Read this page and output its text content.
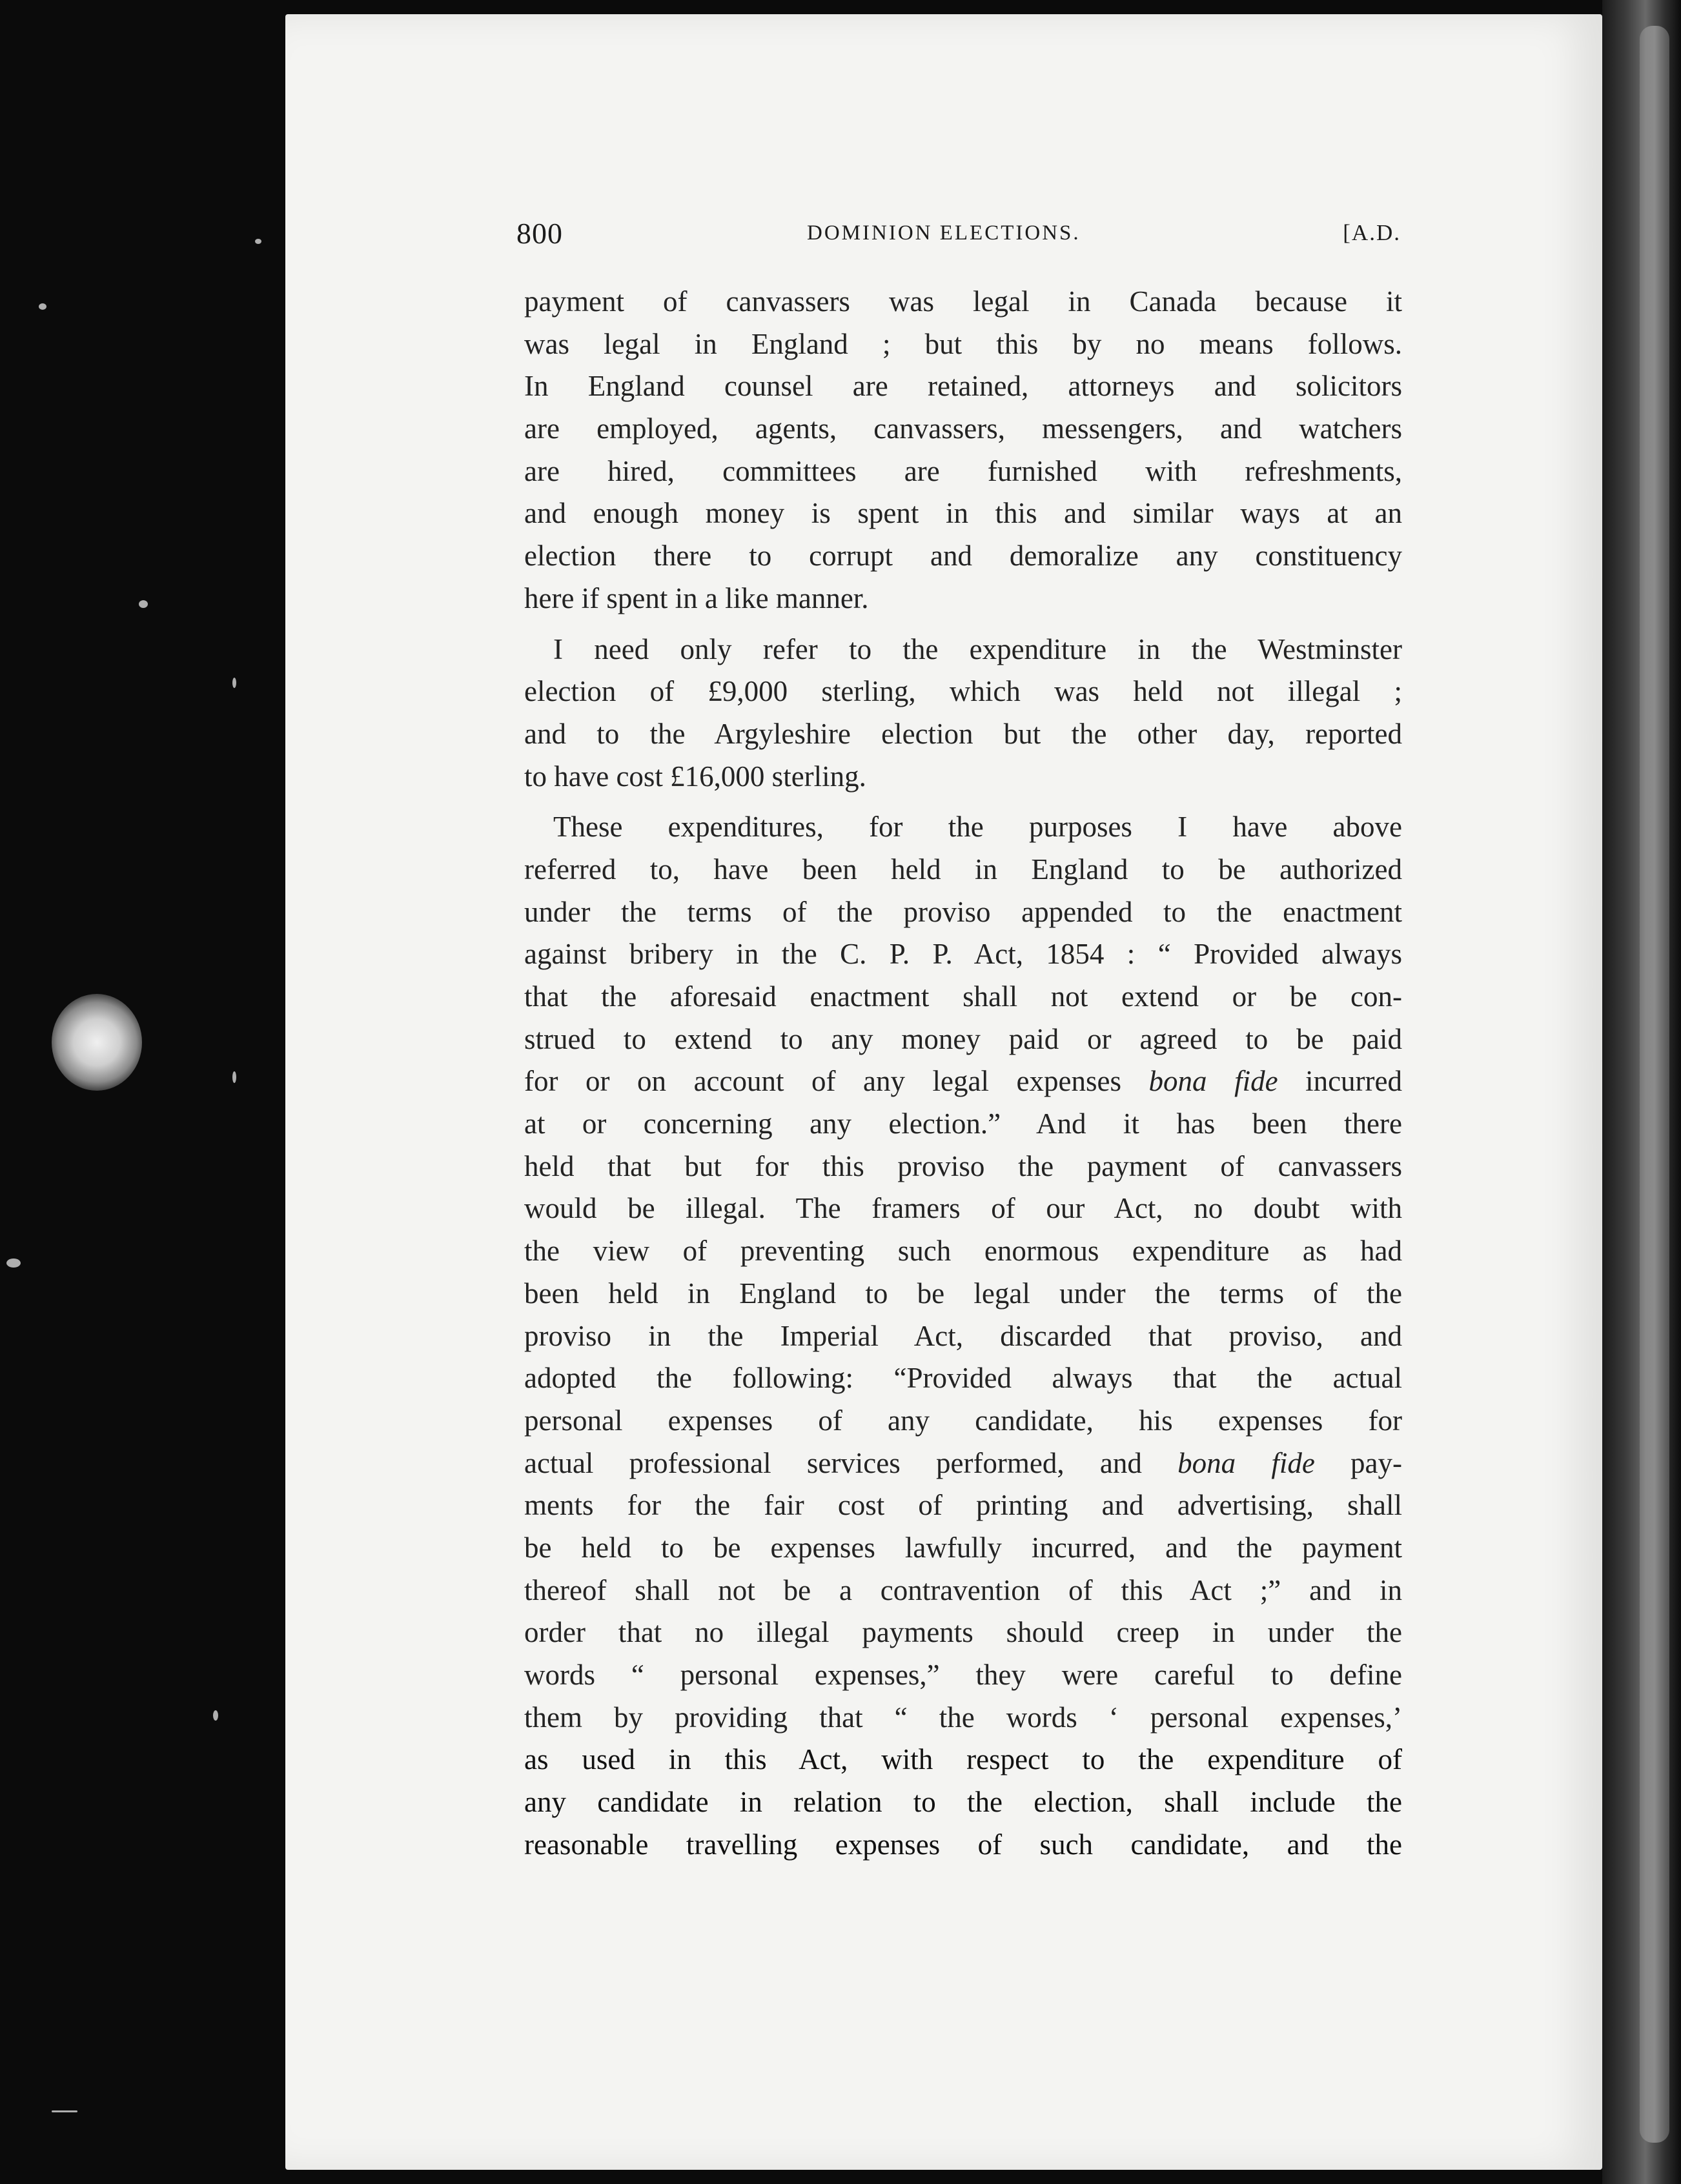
800	DOMINION ELECTIONS.	[A.D.

payment of canvassers was legal in Canada because it
was legal in England ; but this by no means follows.
In England counsel are retained, attorneys and solicitors
are employed, agents, canvassers, messengers, and watchers
are hired, committees are furnished with refreshments,
and enough money is spent in this and similar ways at an
election there to corrupt and demoralize any constituency
here if spent in a like manner.

I need only refer to the expenditure in the Westminster
election of £9,000 sterling, which was held not illegal ;
and to the Argyleshire election but the other day, reported
to have cost £16,000 sterling.

These expenditures, for the purposes I have above
referred to, have been held in England to be authorized
under the terms of the proviso appended to the enactment
against bribery in the C. P. P. Act, 1854 : “ Provided always
that the aforesaid enactment shall not extend or be con-
strued to extend to any money paid or agreed to be paid
for or on account of any legal expenses bona fide incurred
at or concerning any election.” And it has been there
held that but for this proviso the payment of canvassers
would be illegal. The framers of our Act, no doubt with
the view of preventing such enormous expenditure as had
been held in England to be legal under the terms of the
proviso in the Imperial Act, discarded that proviso, and
adopted the following: “Provided always that the actual
personal expenses of any candidate, his expenses for
actual professional services performed, and bona fide pay-
ments for the fair cost of printing and advertising, shall
be held to be expenses lawfully incurred, and the payment
thereof shall not be a contravention of this Act ;” and in
order that no illegal payments should creep in under the
words “ personal expenses,” they were careful to define
them by providing that “ the words ‘ personal expenses,’
as used in this Act, with respect to the expenditure of
any candidate in relation to the election, shall include the
reasonable travelling expenses of such candidate, and the
